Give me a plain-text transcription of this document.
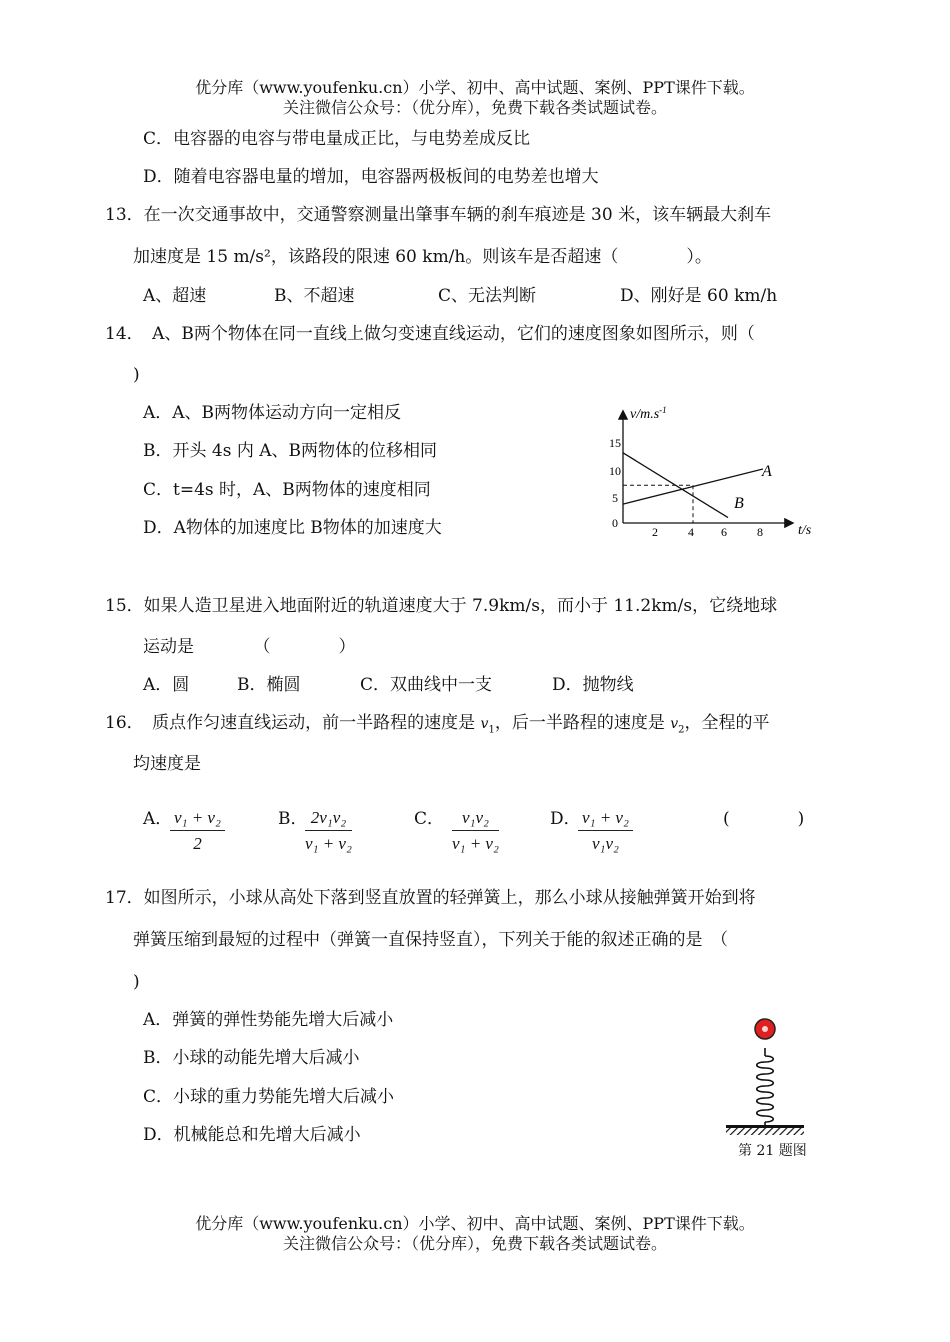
优分库（www.youfenku.cn）小学、初中、高中试题、案例、PPT课件下载。
关注微信公众号：（优分库），免费下载各类试题试卷。
C．电容器的电容与带电量成正比，与电势差成反比
D．随着电容器电量的增加，电容器两极板间的电势差也增大
13．在一次交通事故中，交通警察测量出肇事车辆的刹车痕迹是 30 米，该车辆最大刹车
加速度是 15 m/s²，该路段的限速 60 km/h。则该车是否超速（　　　　）。
A、超速	B、不超速	C、无法判断	D、刚好是 60 km/h
14．　A、B两个物体在同一直线上做匀变速直线运动，它们的速度图象如图所示，则（
)
A．A、B两物体运动方向一定相反
B．开头 4s 内 A、B两物体的位移相同
C．t=4s 时，A、B两物体的速度相同
D．A物体的加速度比 B物体的加速度大
$v/m.s^{-1}$
t/s
15
10
5
0
2	4 6	8
A
B
15．如果人造卫星进入地面附近的轨道速度大于 7.9km/s，而小于 11.2km/s，它绕地球
运动是　　　　（　　　　）
A．圆	B．椭圆	C．双曲线中一支	D．抛物线
16．　质点作匀速直线运动，前一半路程的速度是 $v_1$，后一半路程的速度是 $v_2$，全程的平
均速度是
A．
$\frac{\text{v₁ + v₂}}{2}$	B．
$\frac{\text{2v₁v₂}}{\text{v₁ + v₂}}$	C． $\frac{\text{v₁v₂}}{\text{v₁ + v₂}}$	D．
$\frac{\text{v₁ + v₂}}{\text{v₁v₂}}$	(　　　　)
17．如图所示，小球从高处下落到竖直放置的轻弹簧上，那么小球从接触弹簧开始到将
弹簧压缩到最短的过程中（弹簧一直保持竖直），下列关于能的叙述正确的是　（
)
A．弹簧的弹性势能先增大后减小
B．小球的动能先增大后减小
C．小球的重力势能先增大后减小
D．机械能总和先增大后减小
第 21 题图
优分库（www.youfenku.cn）小学、初中、高中试题、案例、PPT课件下载。
关注微信公众号：（优分库），免费下载各类试题试卷。
